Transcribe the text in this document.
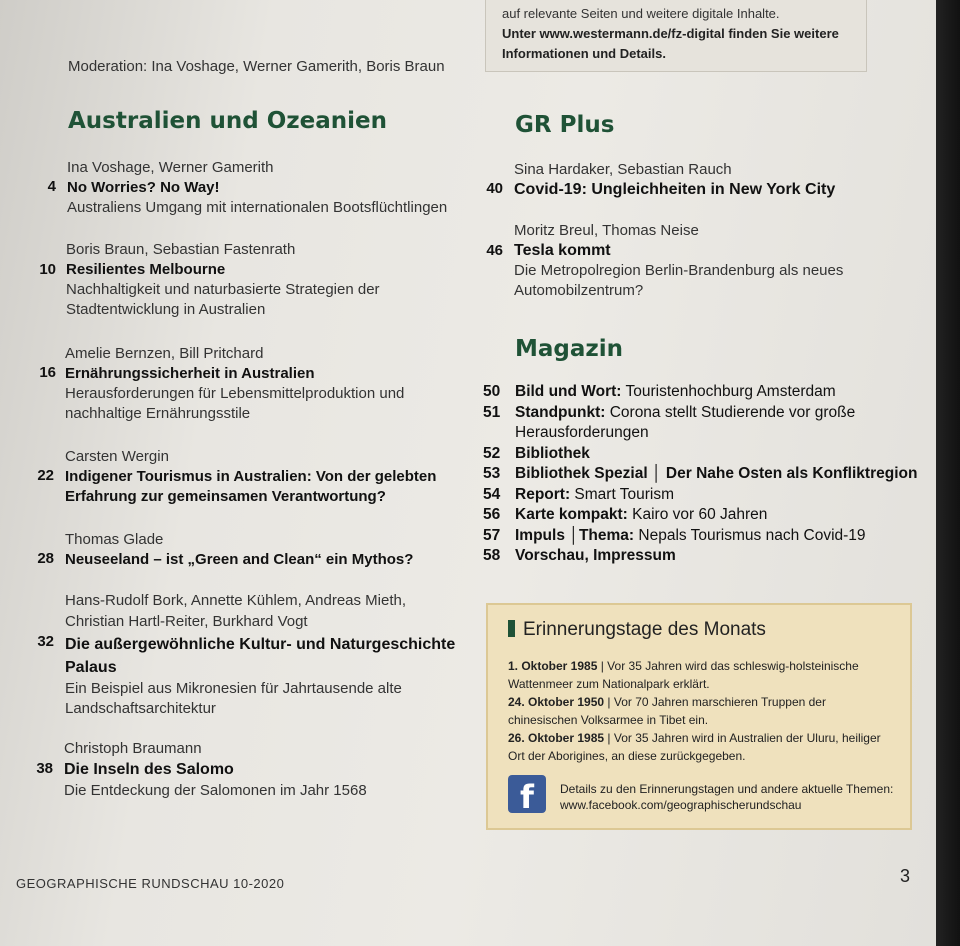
Moderation: Ina Voshage, Werner Gamerith, Boris Braun
auf relevante Seiten und weitere digitale Inhalte.
Unter www.westermann.de/fz-digital finden Sie weitere
Informationen und Details.
Australien und Ozeanien
4
Ina Voshage, Werner Gamerith
No Worries? No Way!
Australiens Umgang mit internationalen Bootsflüchtlingen
10
Boris Braun, Sebastian Fastenrath
Resilientes Melbourne
Nachhaltigkeit und naturbasierte Strategien der
Stadtentwicklung in Australien
16
Amelie Bernzen, Bill Pritchard
Ernährungssicherheit in Australien
Herausforderungen für Lebensmittelproduktion und
nachhaltige Ernährungsstile
22
Carsten Wergin
Indigener Tourismus in Australien: Von der gelebten
Erfahrung zur gemeinsamen Verantwortung?
28
Thomas Glade
Neuseeland – ist „Green and Clean“ ein Mythos?
32
Hans-Rudolf Bork, Annette Kühlem, Andreas Mieth,
Christian Hartl-Reiter, Burkhard Vogt
Die außergewöhnliche Kultur- und Naturgeschichte
Palaus
Ein Beispiel aus Mikronesien für Jahrtausende alte
Landschaftsarchitektur
38
Christoph Braumann
Die Inseln des Salomo
Die Entdeckung der Salomonen im Jahr 1568
GR Plus
40
Sina Hardaker, Sebastian Rauch
Covid-19: Ungleichheiten in New York City
46
Moritz Breul, Thomas Neise
Tesla kommt
Die Metropolregion Berlin-Brandenburg als neues
Automobilzentrum?
Magazin
50 Bild und Wort: Touristenhochburg Amsterdam
51 Standpunkt: Corona stellt Studierende vor große
Herausforderungen
52 Bibliothek
53 Bibliothek Spezial │ Der Nahe Osten als Konfliktregion
54 Report: Smart Tourism
56 Karte kompakt: Kairo vor 60 Jahren
57 Impuls │Thema: Nepals Tourismus nach Covid-19
58 Vorschau, Impressum
Erinnerungstage des Monats
1. Oktober 1985 | Vor 35 Jahren wird das schleswig-holsteinische
Wattenmeer zum Nationalpark erklärt.
24. Oktober 1950 | Vor 70 Jahren marschieren Truppen der
chinesischen Volksarmee in Tibet ein.
26. Oktober 1985 | Vor 35 Jahren wird in Australien der Uluru, heiliger
Ort der Aborigines, an diese zurückgegeben.
f	Details zu den Erinnerungstagen und andere aktuelle Themen:
www.facebook.com/geographischerundschau
GEOGRAPHISCHE RUNDSCHAU 10-2020	3
